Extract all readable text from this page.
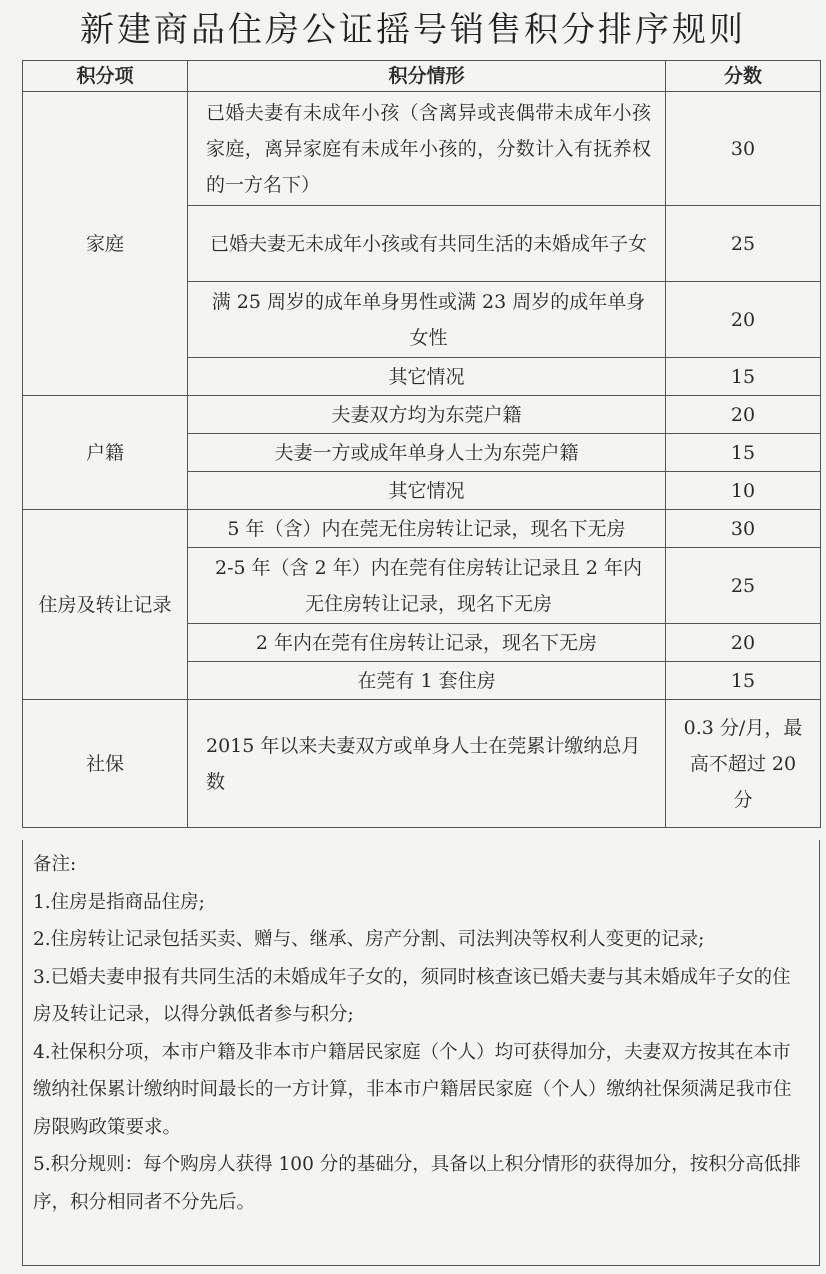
新建商品住房公证摇号销售积分排序规则
积分项	积分情形	分数
家庭	已婚夫妻有未成年小孩（含离异或丧偶带未成年小孩家庭，离异家庭有未成年小孩的，分数计入有抚养权的一方名下）	30
	已婚夫妻无未成年小孩或有共同生活的未婚成年子女	25
	满 25 周岁的成年单身男性或满 23 周岁的成年单身女性	20
	其它情况	15
户籍	夫妻双方均为东莞户籍	20
	夫妻一方或成年单身人士为东莞户籍	15
	其它情况	10
住房及转让记录	5 年（含）内在莞无住房转让记录，现名下无房	30
	2-5 年（含 2 年）内在莞有住房转让记录且 2 年内无住房转让记录，现名下无房	25
	2 年内在莞有住房转让记录，现名下无房	20
	在莞有 1 套住房	15
社保	2015 年以来夫妻双方或单身人士在莞累计缴纳总月数	0.3 分/月，最高不超过 20 分

备注:

1.住房是指商品住房;

2.住房转让记录包括买卖、赠与、继承、房产分割、司法判决等权利人变更的记录;

3.已婚夫妻申报有共同生活的未婚成年子女的，须同时核查该已婚夫妻与其未婚成年子女的住房及转让记录，以得分孰低者参与积分;

4.社保积分项，本市户籍及非本市户籍居民家庭（个人）均可获得加分，夫妻双方按其在本市缴纳社保累计缴纳时间最长的一方计算，非本市户籍居民家庭（个人）缴纳社保须满足我市住房限购政策要求。

5.积分规则：每个购房人获得 100 分的基础分，具备以上积分情形的获得加分，按积分高低排序，积分相同者不分先后。
